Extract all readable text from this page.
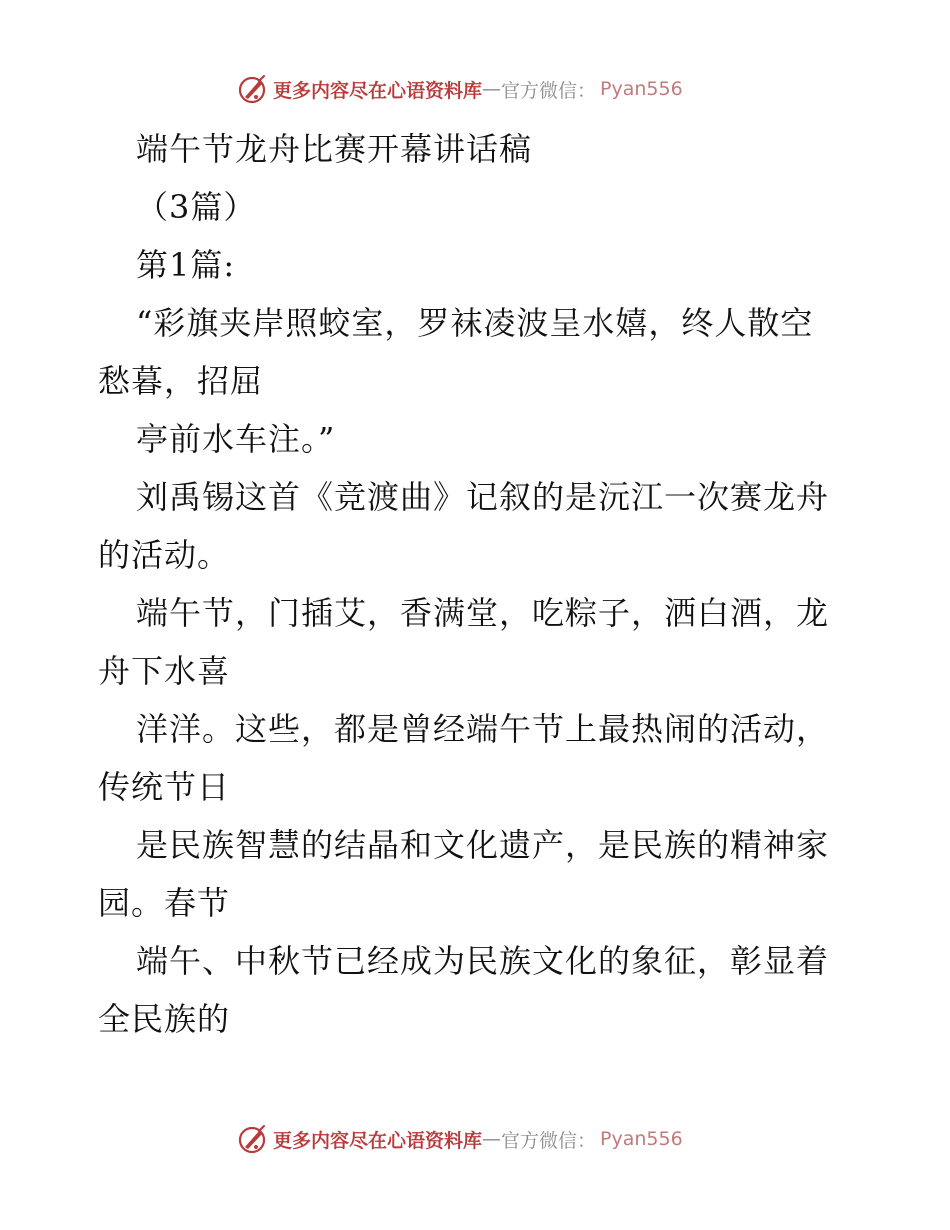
更多内容尽在心语资料库 — 官方微信： Pyan556
端午节龙舟比赛开幕讲话稿
（3篇）
第1篇:
“彩旗夹岸照蛟室，罗袜凌波呈水嬉，终人散空
愁暮，招屈
亭前水车注。”
刘禹锡这首《竞渡曲》记叙的是沅江一次赛龙舟
的活动。
端午节，门插艾，香满堂，吃粽子，洒白酒，龙
舟下水喜
洋洋。这些，都是曾经端午节上最热闹的活动，
传统节日
是民族智慧的结晶和文化遗产，是民族的精神家
园。春节
端午、中秋节已经成为民族文化的象征，彰显着
全民族的
更多内容尽在心语资料库 — 官方微信： Pyan556
